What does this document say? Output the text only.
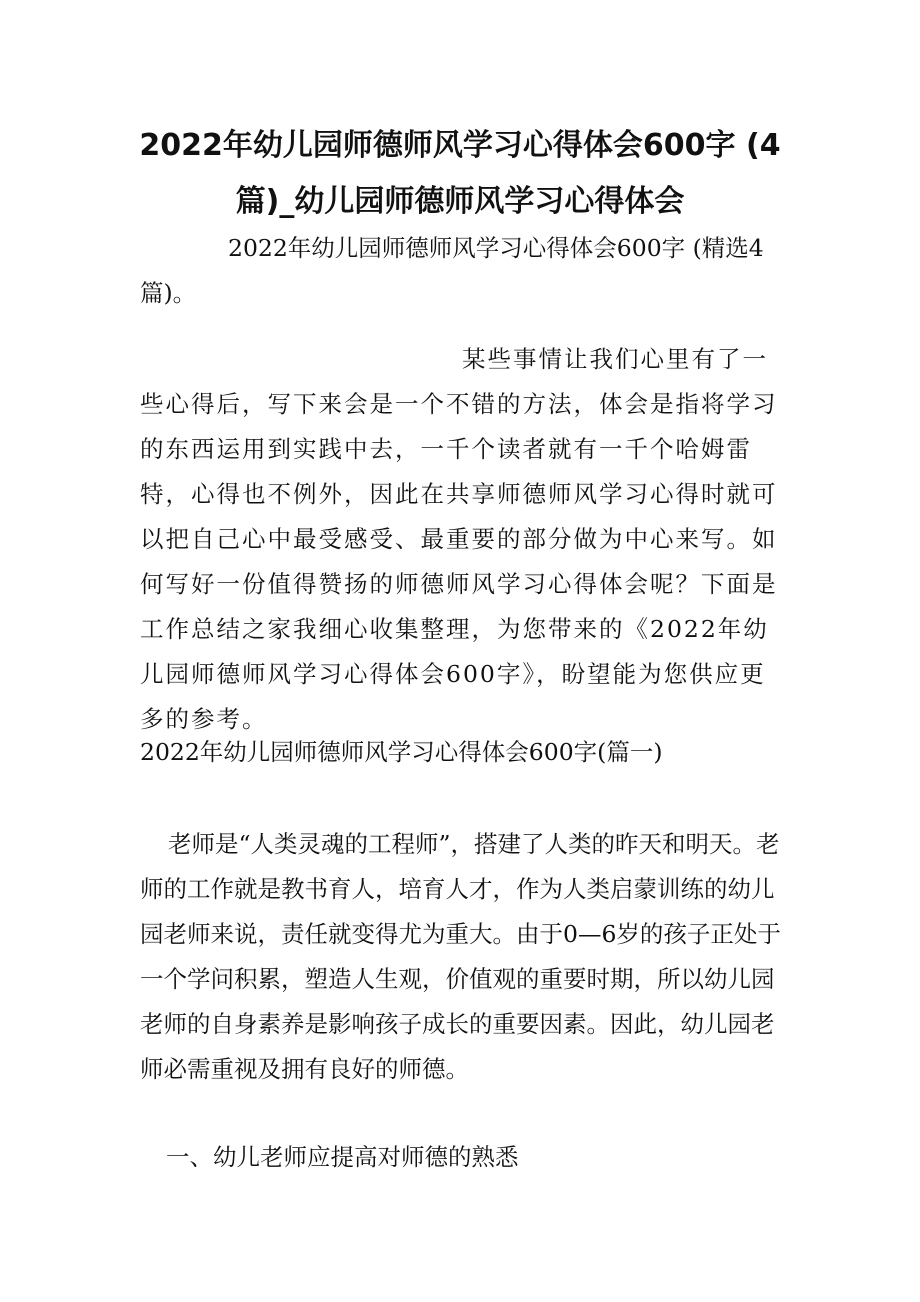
2022年幼儿园师德师风学习心得体会600字 (4篇)_幼儿园师德师风学习心得体会

2022年幼儿园师德师风学习心得体会600字 (精选4篇)。

某些事情让我们心里有了一些心得后，写下来会是一个不错的方法，体会是指将学习的东西运用到实践中去，一千个读者就有一千个哈姆雷特，心得也不例外，因此在共享师德师风学习心得时就可以把自己心中最受感受、最重要的部分做为中心来写。如何写好一份值得赞扬的师德师风学习心得体会呢？下面是工作总结之家我细心收集整理，为您带来的《2022年幼儿园师德师风学习心得体会600字》，盼望能为您供应更多的参考。

2022年幼儿园师德师风学习心得体会600字(篇一)

老师是“人类灵魂的工程师”，搭建了人类的昨天和明天。老师的工作就是教书育人，培育人才，作为人类启蒙训练的幼儿园老师来说，责任就变得尤为重大。由于0—6岁的孩子正处于一个学问积累，塑造人生观，价值观的重要时期，所以幼儿园老师的自身素养是影响孩子成长的重要因素。因此，幼儿园老师必需重视及拥有良好的师德。

一、幼儿老师应提高对师德的熟悉
